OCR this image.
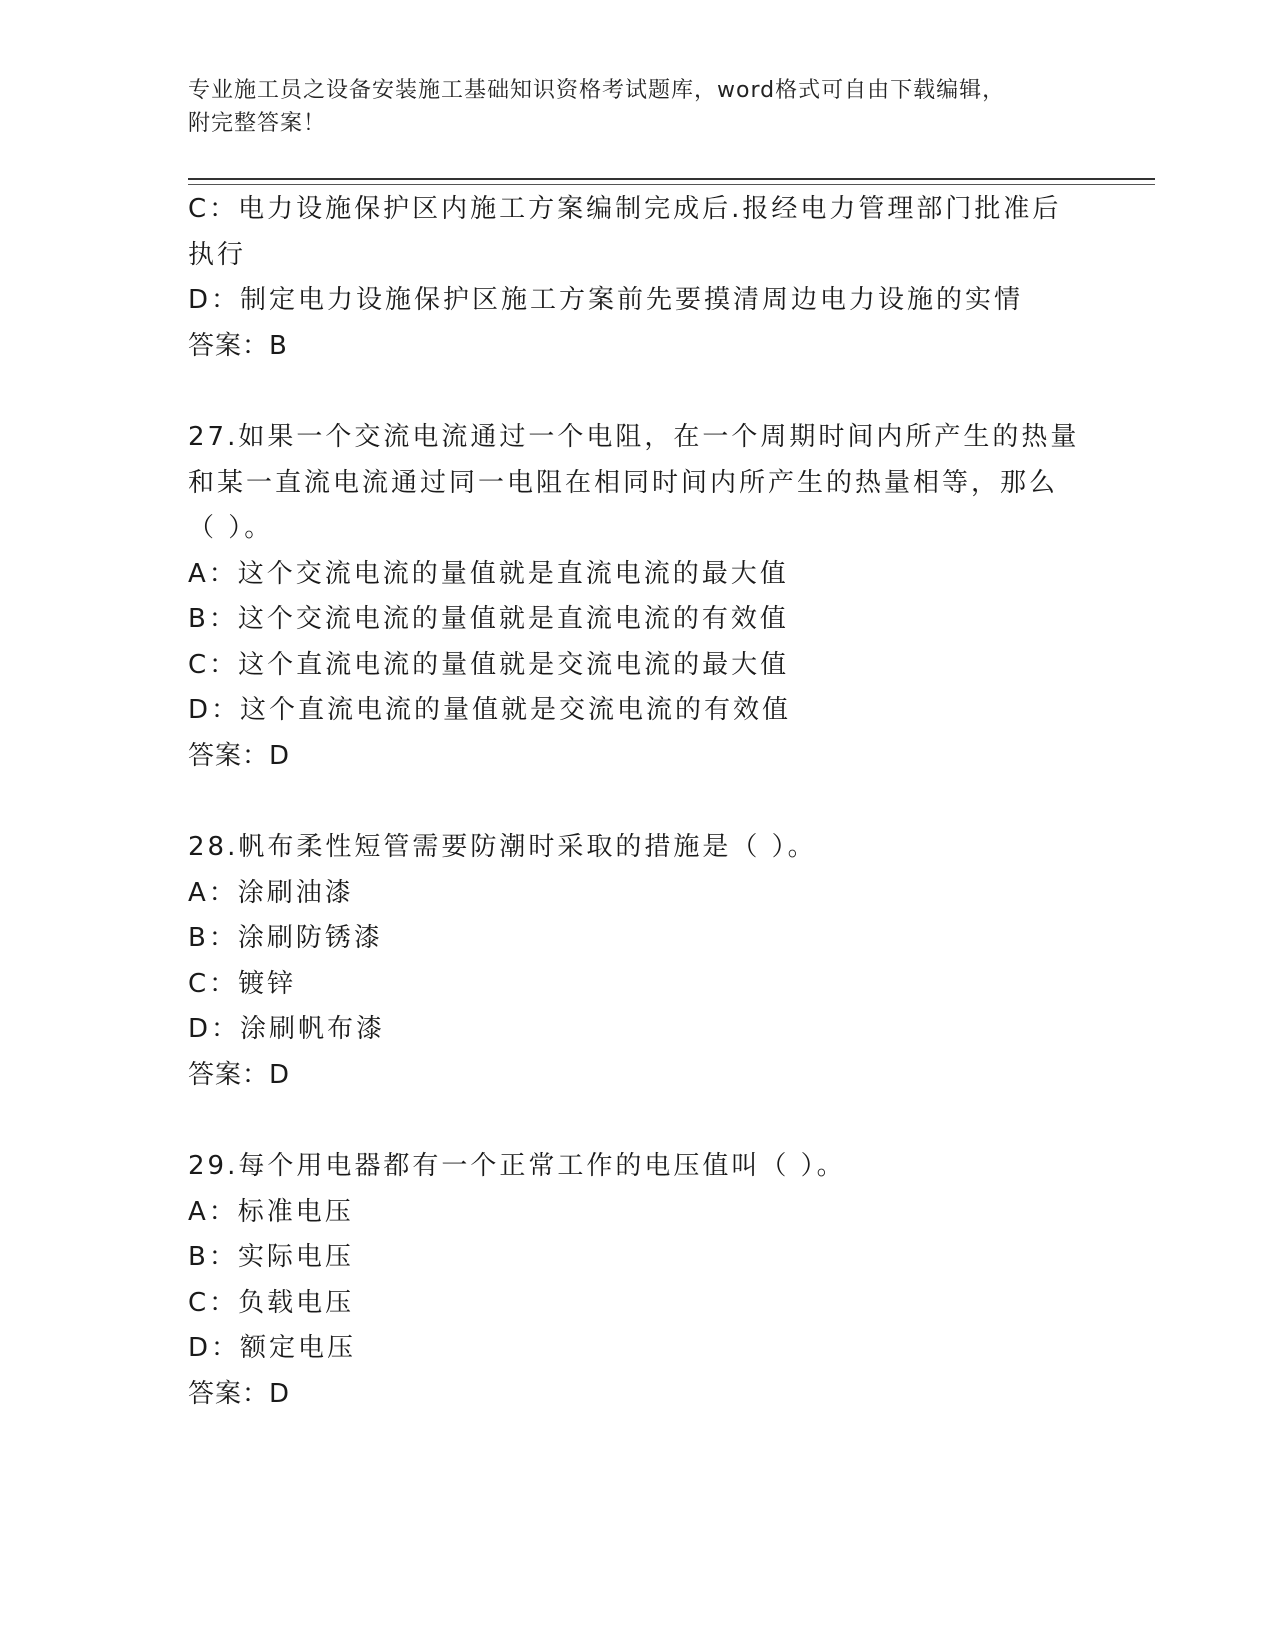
专业施工员之设备安装施工基础知识资格考试题库，word格式可自由下载编辑，
附完整答案！
C：电力设施保护区内施工方案编制完成后.报经电力管理部门批准后
执行
D：制定电力设施保护区施工方案前先要摸清周边电力设施的实情
答案：B
27.如果一个交流电流通过一个电阻，在一个周期时间内所产生的热量
和某一直流电流通过同一电阻在相同时间内所产生的热量相等，那么
（ ）。
A：这个交流电流的量值就是直流电流的最大值
B：这个交流电流的量值就是直流电流的有效值
C：这个直流电流的量值就是交流电流的最大值
D：这个直流电流的量值就是交流电流的有效值
答案：D
28.帆布柔性短管需要防潮时采取的措施是（ ）。
A：涂刷油漆
B：涂刷防锈漆
C：镀锌
D：涂刷帆布漆
答案：D
29.每个用电器都有一个正常工作的电压值叫（ ）。
A：标准电压
B：实际电压
C：负载电压
D：额定电压
答案：D
